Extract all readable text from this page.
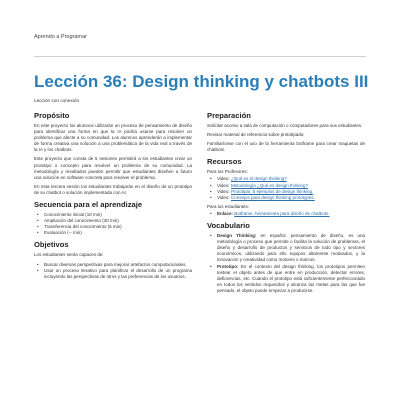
Aprendo a Programar
Lección 36: Design thinking y chatbots III
Lección con conexión
Propósito

En este proyecto los alumnos utilizarán un proceso de pensamiento de diseño para identificar una forma en que la IA podría usarse para resolver un problema que afecte a su comunidad. Los alumnos aprenderán a implementar de forma creativa una solución a una problemática de la vida real a través de la IA y los chatbots.

Este proyecto que consta de 5 sesiones permitirá a los estudiantes crear un prototipo o concepto para resolver un problema de su comunidad. La metodología y resultados pueden permitir que estudiantes diseñen a futuro una solución en software concreta para resolver el problema.

En esta tercera sesión los estudiantes trabajarán en el diseño de un prototipo de su chatbot o solución implementada con AI.

Secuencia para el aprendizaje
• Conocimiento inicial (10 min)
• Ampliación del conocimiento (30 min)
• Transferencia del conocimiento (5 min)
• Evaluación (-- min)
Objetivos

Los estudiantes serán capaces de:

• Buscar diversas perspectivas para mejorar artefactos computacionales.
• Usar un proceso iterativo para planificar el desarrollo de un programa incluyendo las perspectivas de otros y las preferencias de los usuarios.
Preparación

Solicitar acceso a sala de computación o computadores para sus estudiantes.

Revisar material de referencia sobre prototipado:

Familiarícese con el uso de la herramienta botframe para crear maquetas de chatbots.

Recursos

Para los Profesores:

• Video: ¿Qué es el design thinking?
• Video: Metodología ¿Qué es design thinking?
• Video: Prototipar, 5 ejemplos de design thinking.
• Video: Consejos para design thinking prototypes.

Para los estudiantes:

• Enlace: Botframe, herramienta para diseño de chatbots.
Vocabulario
• Design Thinking: en español, pensamiento de diseño, es una metodología o proceso que permite o facilita la solución de problemas, el diseño y desarrollo de productos y servicios de todo tipo y sectores económicos, utilizando para ello equipos altamente motivados, y la innovación y creatividad como motores o marcos.
• Prototipo: En el contexto del design thinking, los prototipos permiten testear el objeto antes de que entre en producción, detectar errores, deficiencias, etc. Cuando el prototipo está suficientemente perfeccionado en todos los sentidos requeridos y alcanza las metas para las que fue pensado, el objeto puede empezar a producirse.
